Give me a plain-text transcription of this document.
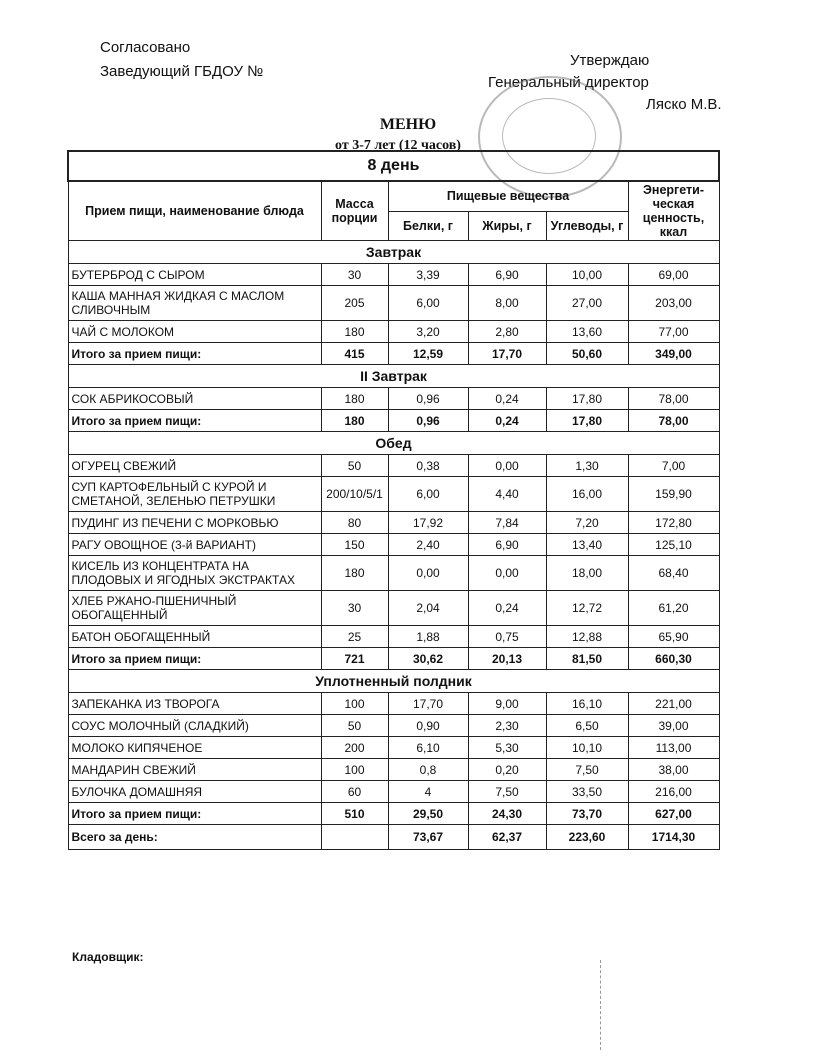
Согласовано
Заведующий ГБДОУ №
Утверждаю
Генеральный директор
Ляско М.В.
МЕНЮ
от 3-7 лет (12 часов)
8 день					
Прием пищи, наименование блюда	Масса порции	Пищевые вещества			Энергети-ческая ценность, ккал
		Белки, г	Жиры, г	Углеводы, г	
Завтрак					
БУТЕРБРОД С СЫРОМ	30	3,39	6,90	10,00	69,00
КАША МАННАЯ ЖИДКАЯ С МАСЛОМ СЛИВОЧНЫМ	205	6,00	8,00	27,00	203,00
ЧАЙ С МОЛОКОМ	180	3,20	2,80	13,60	77,00
Итого за прием пищи:	415	12,59	17,70	50,60	349,00
II Завтрак					
СОК АБРИКОСОВЫЙ	180	0,96	0,24	17,80	78,00
Итого за прием пищи:	180	0,96	0,24	17,80	78,00
Обед					
ОГУРЕЦ СВЕЖИЙ	50	0,38	0,00	1,30	7,00
СУП КАРТОФЕЛЬНЫЙ С КУРОЙ И СМЕТАНОЙ, ЗЕЛЕНЬЮ ПЕТРУШКИ	200/10/5/1	6,00	4,40	16,00	159,90
ПУДИНГ ИЗ ПЕЧЕНИ С МОРКОВЬЮ	80	17,92	7,84	7,20	172,80
РАГУ ОВОЩНОЕ (3-й ВАРИАНТ)	150	2,40	6,90	13,40	125,10
КИСЕЛЬ ИЗ КОНЦЕНТРАТА НА ПЛОДОВЫХ И ЯГОДНЫХ ЭКСТРАКТАХ	180	0,00	0,00	18,00	68,40
ХЛЕБ РЖАНО-ПШЕНИЧНЫЙ ОБОГАЩЕННЫЙ	30	2,04	0,24	12,72	61,20
БАТОН ОБОГАЩЕННЫЙ	25	1,88	0,75	12,88	65,90
Итого за прием пищи:	721	30,62	20,13	81,50	660,30
Уплотненный полдник					
ЗАПЕКАНКА ИЗ ТВОРОГА	100	17,70	9,00	16,10	221,00
СОУС МОЛОЧНЫЙ (СЛАДКИЙ)	50	0,90	2,30	6,50	39,00
МОЛОКО КИПЯЧЕНОЕ	200	6,10	5,30	10,10	113,00
МАНДАРИН СВЕЖИЙ	100	0,8	0,20	7,50	38,00
БУЛОЧКА ДОМАШНЯЯ	60	4	7,50	33,50	216,00
Итого за прием пищи:	510	29,50	24,30	73,70	627,00
Всего за день:		73,67	62,37	223,60	1714,30
Кладовщик:
